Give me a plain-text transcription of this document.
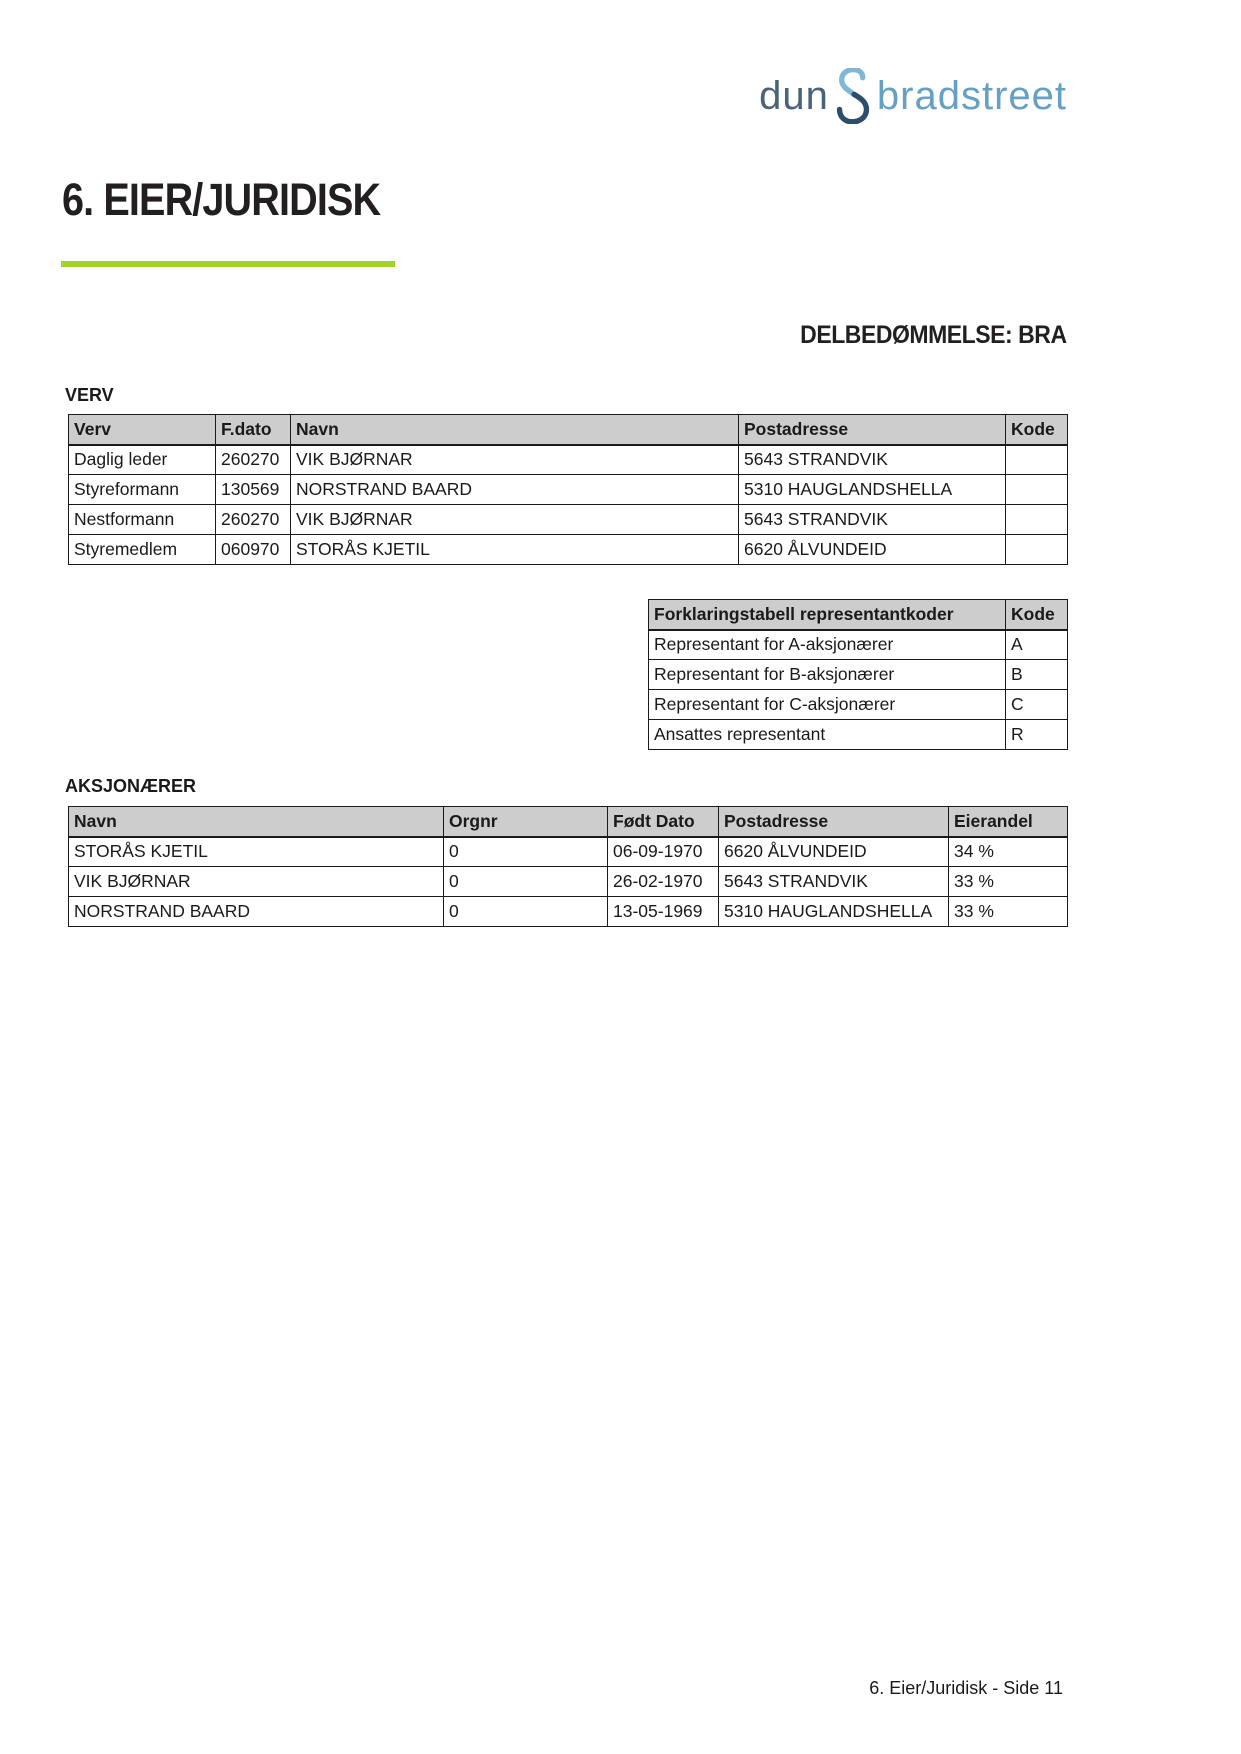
dun bradstreet
6. EIER/JURIDISK
DELBEDØMMELSE: BRA
VERV
Verv	F.dato	Navn	Postadresse	Kode
Daglig leder	260270	VIK BJØRNAR	5643 STRANDVIK	
Styreformann	130569	NORSTRAND BAARD	5310 HAUGLANDSHELLA	
Nestformann	260270	VIK BJØRNAR	5643 STRANDVIK	
Styremedlem	060970	STORÅS KJETIL	6620 ÅLVUNDEID	
Forklaringstabell representantkoder	Kode
Representant for A-aksjonærer	A
Representant for B-aksjonærer	B
Representant for C-aksjonærer	C
Ansattes representant	R
AKSJONÆRER
Navn	Orgnr	Født Dato	Postadresse	Eierandel
STORÅS KJETIL	0	06-09-1970	6620 ÅLVUNDEID	34 %
VIK BJØRNAR	0	26-02-1970	5643 STRANDVIK	33 %
NORSTRAND BAARD	0	13-05-1969	5310 HAUGLANDSHELLA	33 %
6. Eier/Juridisk - Side 11
